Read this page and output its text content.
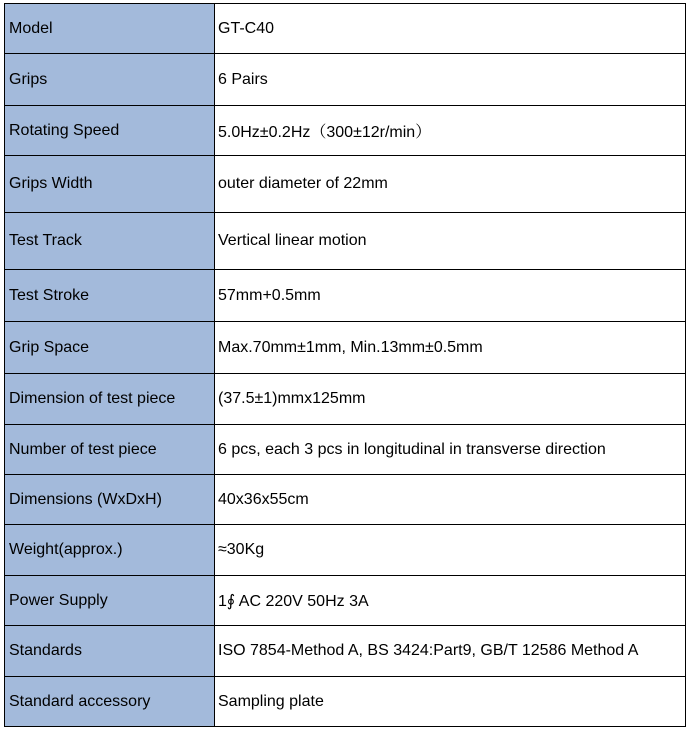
Model	GT-C40
Grips	6 Pairs
Rotating Speed	5.0Hz±0.2Hz（300±12r/min）
Grips Width	outer diameter of 22mm
Test Track	Vertical linear motion
Test Stroke	57mm+0.5mm
Grip Space	Max.70mm±1mm, Min.13mm±0.5mm
Dimension of test piece	(37.5±1)mmx125mm
Number of test piece	6 pcs, each 3 pcs in longitudinal in transverse direction
Dimensions (WxDxH)	40x36x55cm
Weight(approx.)	≈30Kg
Power Supply	1∮ AC 220V 50Hz 3A
Standards	ISO 7854-Method A, BS 3424:Part9, GB/T 12586 Method A
Standard accessory	Sampling plate
